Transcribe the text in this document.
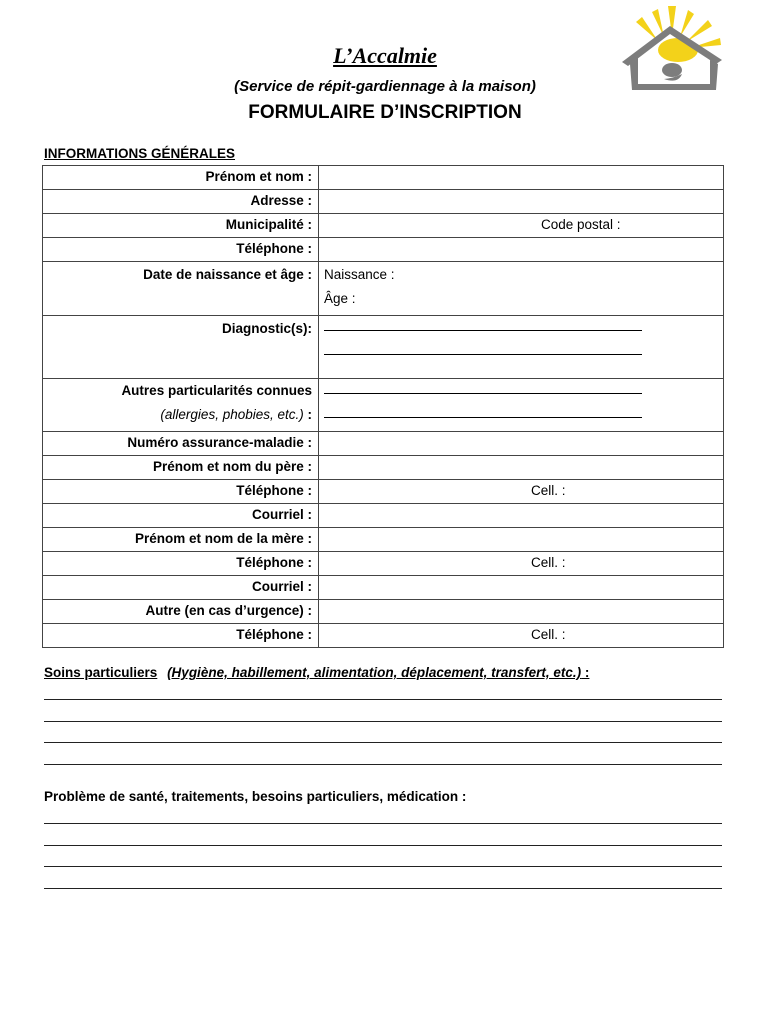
L’Accalmie
(Service de répit-gardiennage à la maison)
FORMULAIRE D’INSCRIPTION
INFORMATIONS GÉNÉRALES
Prénom et nom :	
Adresse :	
Municipalité :	Code postal :
Téléphone :	
Date de naissance et âge :	Naissance :
Âge :

Diagnostic(s):	

Autres particularités connues
(allergies, phobies, etc.) :	

Numéro assurance-maladie :	
Prénom et nom du père :	
Téléphone :	Cell. :
Courriel :	
Prénom et nom de la mère :	
Téléphone :	Cell. :
Courriel :	
Autre (en cas d’urgence) :	
Téléphone :	Cell. :
Soins particuliers (Hygiène, habillement, alimentation, déplacement, transfert, etc.) :
Problème de santé, traitements, besoins particuliers, médication :
